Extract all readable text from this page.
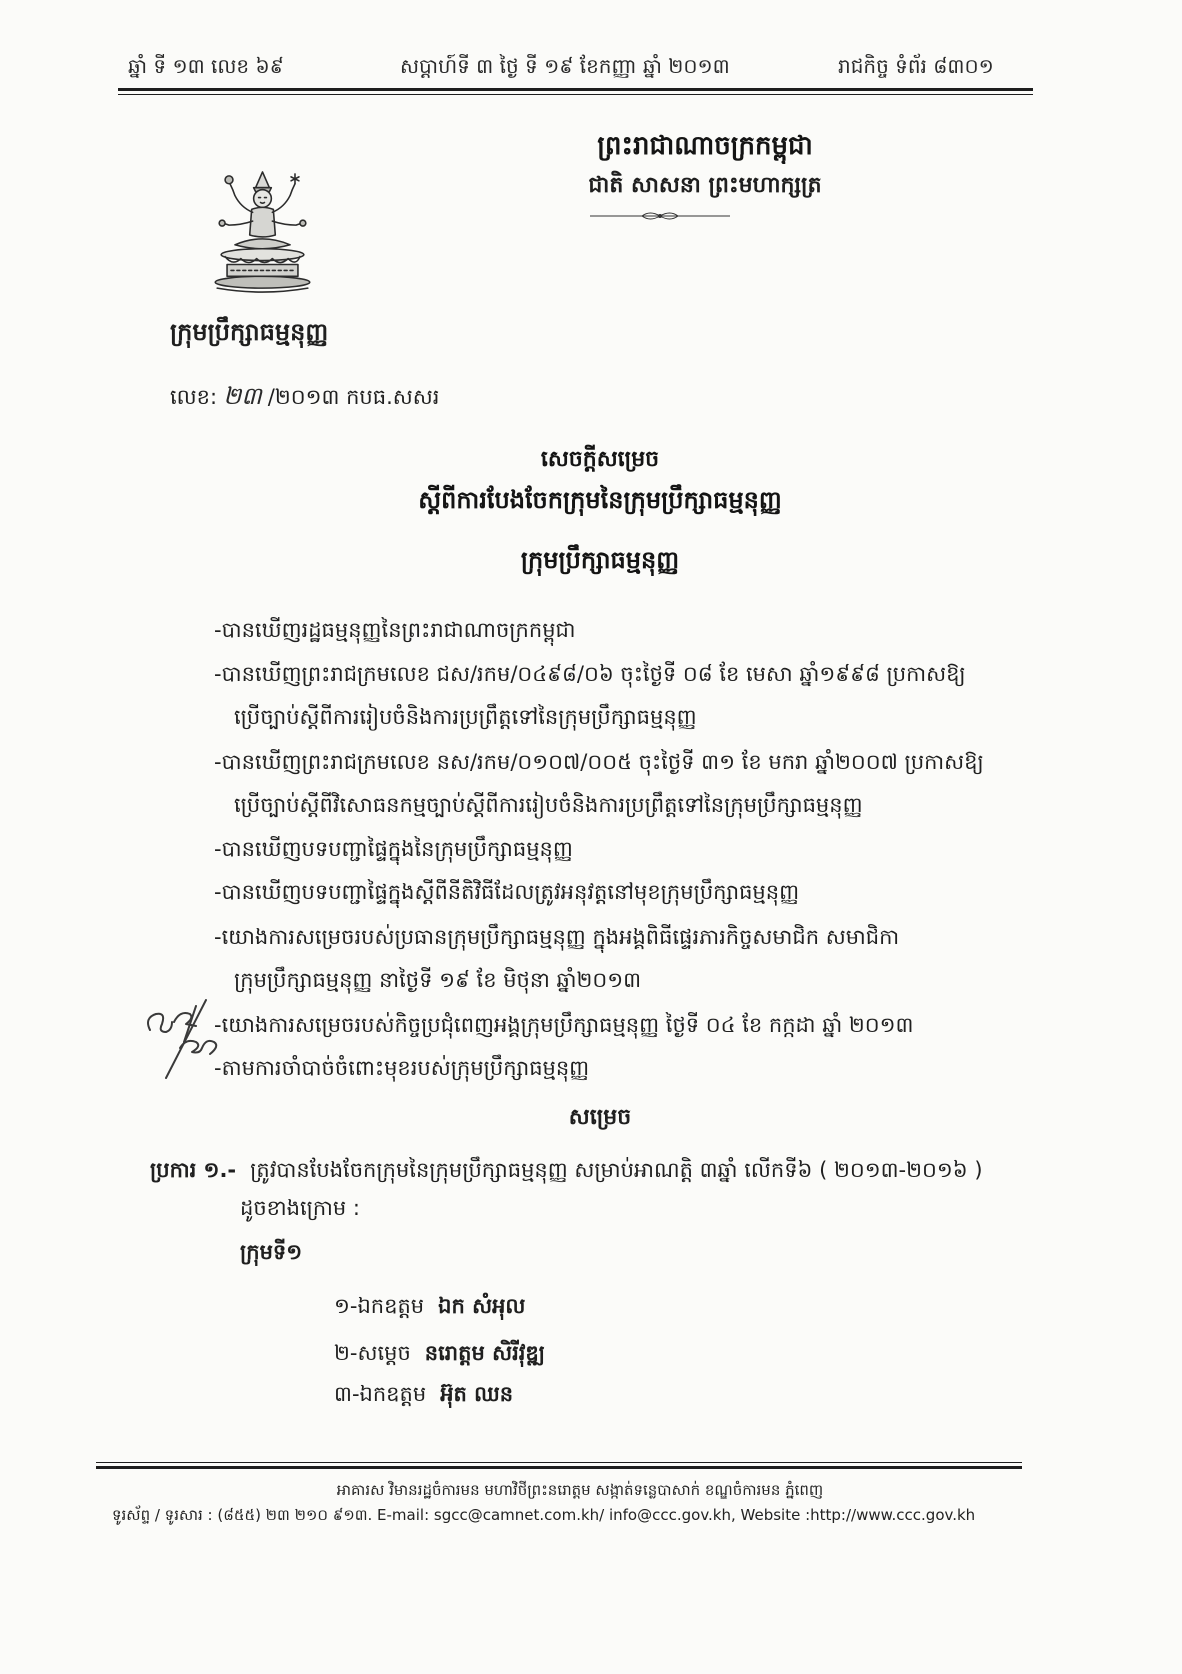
ឆ្នាំ ទី ១៣ លេខ ៦៩	សប្តាហ៍ទី ៣ ថ្ងៃ ទី ១៩ ខែកញ្ញា ឆ្នាំ ២០១៣	រាជកិច្ច ទំព័រ ៨៣០១
ព្រះរាជាណាចក្រកម្ពុជា
ជាតិ សាសនា ព្រះមហាក្សត្រ
ក្រុមប្រឹក្សាធម្មនុញ្ញ
លេខ: ២៣ /២០១៣ កបធ.សសរ
សេចក្តីសម្រេច
ស្តីពីការបែងចែកក្រុមនៃក្រុមប្រឹក្សាធម្មនុញ្ញ
ក្រុមប្រឹក្សាធម្មនុញ្ញ
-បានឃើញរដ្ឋធម្មនុញ្ញនៃព្រះរាជាណាចក្រកម្ពុជា
-បានឃើញព្រះរាជក្រមលេខ ជស/រកម/០៤៩៨/០៦ ចុះថ្ងៃទី ០៨ ខែ មេសា ឆ្នាំ១៩៩៨ ប្រកាសឱ្យ
ប្រើច្បាប់ស្តីពីការរៀបចំនិងការប្រព្រឹត្តទៅនៃក្រុមប្រឹក្សាធម្មនុញ្ញ
-បានឃើញព្រះរាជក្រមលេខ នស/រកម/០១០៧/០០៥ ចុះថ្ងៃទី ៣១ ខែ មករា ឆ្នាំ២០០៧ ប្រកាសឱ្យ
ប្រើច្បាប់ស្តីពីវិសោធនកម្មច្បាប់ស្តីពីការរៀបចំនិងការប្រព្រឹត្តទៅនៃក្រុមប្រឹក្សាធម្មនុញ្ញ
-បានឃើញបទបញ្ជាផ្ទៃក្នុងនៃក្រុមប្រឹក្សាធម្មនុញ្ញ
-បានឃើញបទបញ្ជាផ្ទៃក្នុងស្តីពីនីតិវិធីដែលត្រូវអនុវត្តនៅមុខក្រុមប្រឹក្សាធម្មនុញ្ញ
-យោងការសម្រេចរបស់ប្រធានក្រុមប្រឹក្សាធម្មនុញ្ញ ក្នុងអង្គពិធីផ្ទេរភារកិច្ចសមាជិក សមាជិកា
ក្រុមប្រឹក្សាធម្មនុញ្ញ នាថ្ងៃទី ១៩ ខែ មិថុនា ឆ្នាំ២០១៣
-យោងការសម្រេចរបស់កិច្ចប្រជុំពេញអង្គក្រុមប្រឹក្សាធម្មនុញ្ញ ថ្ងៃទី ០៤ ខែ កក្កដា ឆ្នាំ ២០១៣
-តាមការចាំបាច់ចំពោះមុខរបស់ក្រុមប្រឹក្សាធម្មនុញ្ញ
សម្រេច
ប្រការ ១.- ត្រូវបានបែងចែកក្រុមនៃក្រុមប្រឹក្សាធម្មនុញ្ញ សម្រាប់អាណត្តិ ៣ឆ្នាំ លើកទី៦ ( ២០១៣-២០១៦ )
ដូចខាងក្រោម :
ក្រុមទី១
១-ឯកឧត្តម ឯក សំអុល
២-សម្តេច នរោត្តម សិរីវុឌ្ឍ
៣-ឯកឧត្តម អ៊ុត ឈន
អាគារស វិមានរដ្ឋចំការមន មហាវិថីព្រះនរោត្តម សង្កាត់ទន្លេបាសាក់ ខណ្ឌចំការមន ភ្នំពេញ
ទូរស័ព្ទ / ទូរសារ : (៨៥៥) ២៣ ២១០ ៩១៣. E-mail: sgcc@camnet.com.kh/ info@ccc.gov.kh, Website :http://www.ccc.gov.kh
